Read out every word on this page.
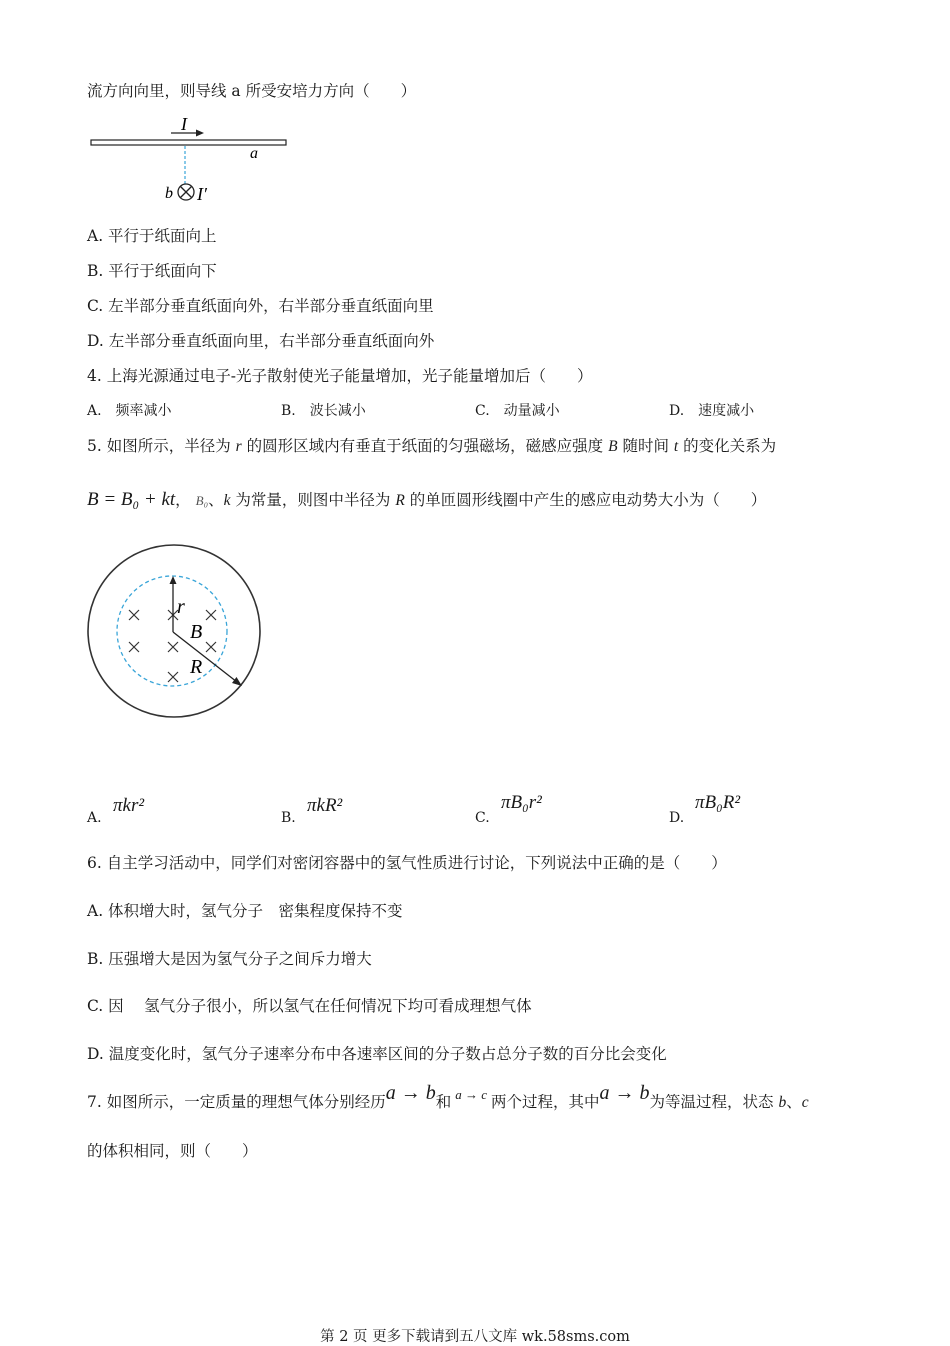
流方向向里，则导线 a 所受安培力方向（　　）
I
a
b I′
A. 平行于纸面向上
B. 平行于纸面向下
C. 左半部分垂直纸面向外，右半部分垂直纸面向里
D. 左半部分垂直纸面向里，右半部分垂直纸面向外
4. 上海光源通过电子-光子散射使光子能量增加，光子能量增加后（　　）
A.　频率减小	B.　波长减小	C.　动量减小	D.　速度减小
5. 如图所示，半径为 r 的圆形区域内有垂直于纸面的匀强磁场，磁感应强度 B 随时间 t 的变化关系为
B = B₀ + kt， B₀、k 为常量，则图中半径为 R 的单匝圆形线圈中产生的感应电动势大小为（　　）
r
B
R
A.
πkr²
B.
πkR²
C.
πB₀r²
D.
πB₀R²
6. 自主学习活动中，同学们对密闭容器中的氢气性质进行讨论，下列说法中正确的是（　　）
A. 体积增大时，氢气分子　密集程度保持不变
B. 压强增大是因为氢气分子之间斥力增大
C. 因　 氢气分子很小，所以氢气在任何情况下均可看成理想气体
D. 温度变化时，氢气分子速率分布中各速率区间的分子数占总分子数的百分比会变化
7. 如图所示，一定质量的理想气体分别经历a → b和 $^{a \to c}$ 两个过程，其中a → b为等温过程，状态 b、c
的体积相同，则（　　）
第 2 页 更多下载请到五八文库 wk.58sms.com
